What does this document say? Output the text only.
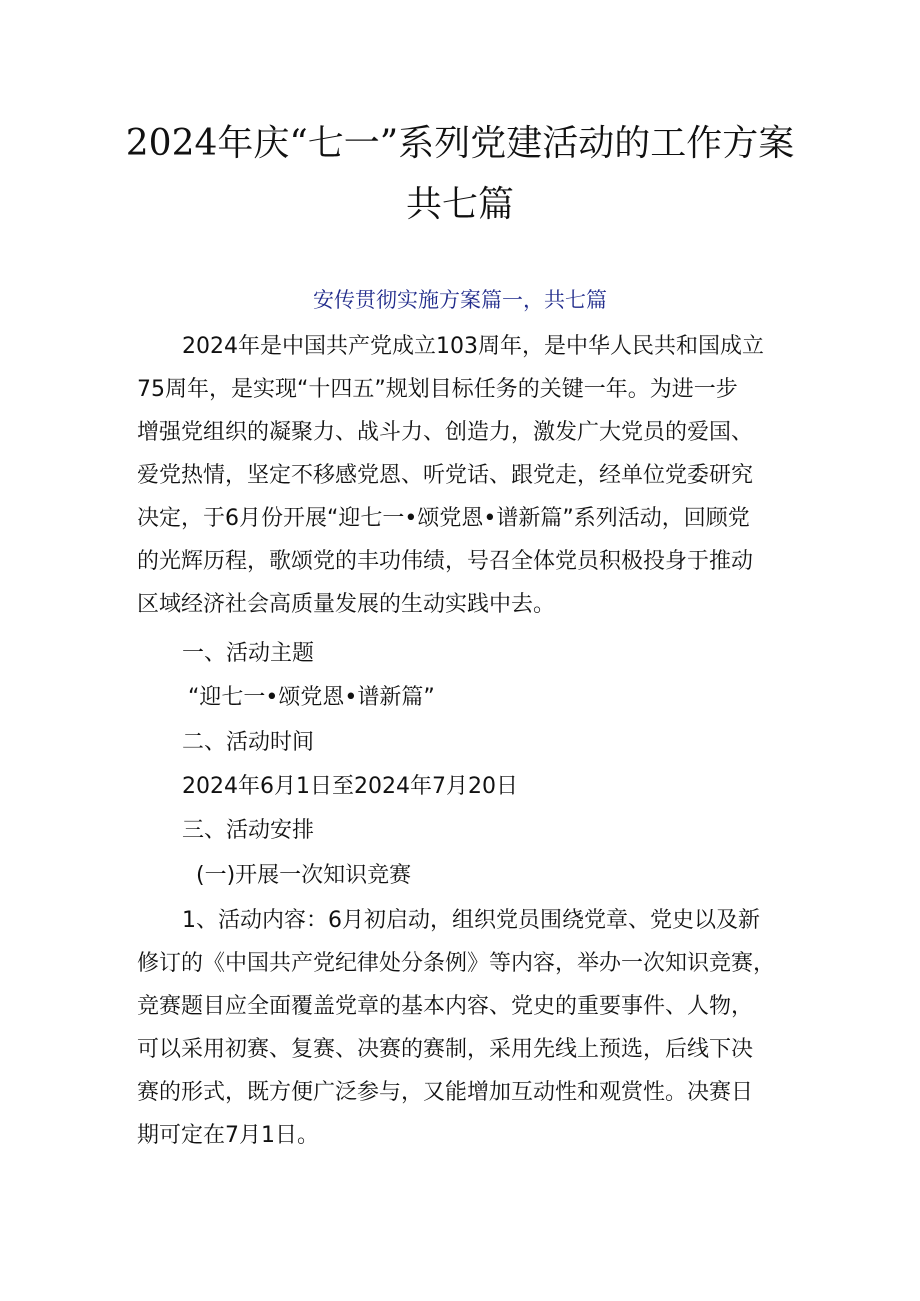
2024年庆“七一”系列党建活动的工作方案
共七篇
安传贯彻实施方案篇一，共七篇
2024年是中国共产党成立103周年，是中华人民共和国成立
75周年，是实现“十四五”规划目标任务的关键一年。为进一步
增强党组织的凝聚力、战斗力、创造力，激发广大党员的爱国、
爱党热情，坚定不移感党恩、听党话、跟党走，经单位党委研究
决定，于6月份开展“迎七一•颂党恩•谱新篇”系列活动，回顾党
的光辉历程，歌颂党的丰功伟绩，号召全体党员积极投身于推动
区域经济社会高质量发展的生动实践中去。
一、活动主题
“迎七一•颂党恩•谱新篇”
二、活动时间
2024年6月1日至2024年7月20日
三、活动安排
(一)开展一次知识竞赛
1、活动内容：6月初启动，组织党员围绕党章、党史以及新
修订的《中国共产党纪律处分条例》等内容，举办一次知识竞赛，
竞赛题目应全面覆盖党章的基本内容、党史的重要事件、人物，
可以采用初赛、复赛、决赛的赛制，采用先线上预选，后线下决
赛的形式，既方便广泛参与，又能增加互动性和观赏性。决赛日
期可定在7月1日。
